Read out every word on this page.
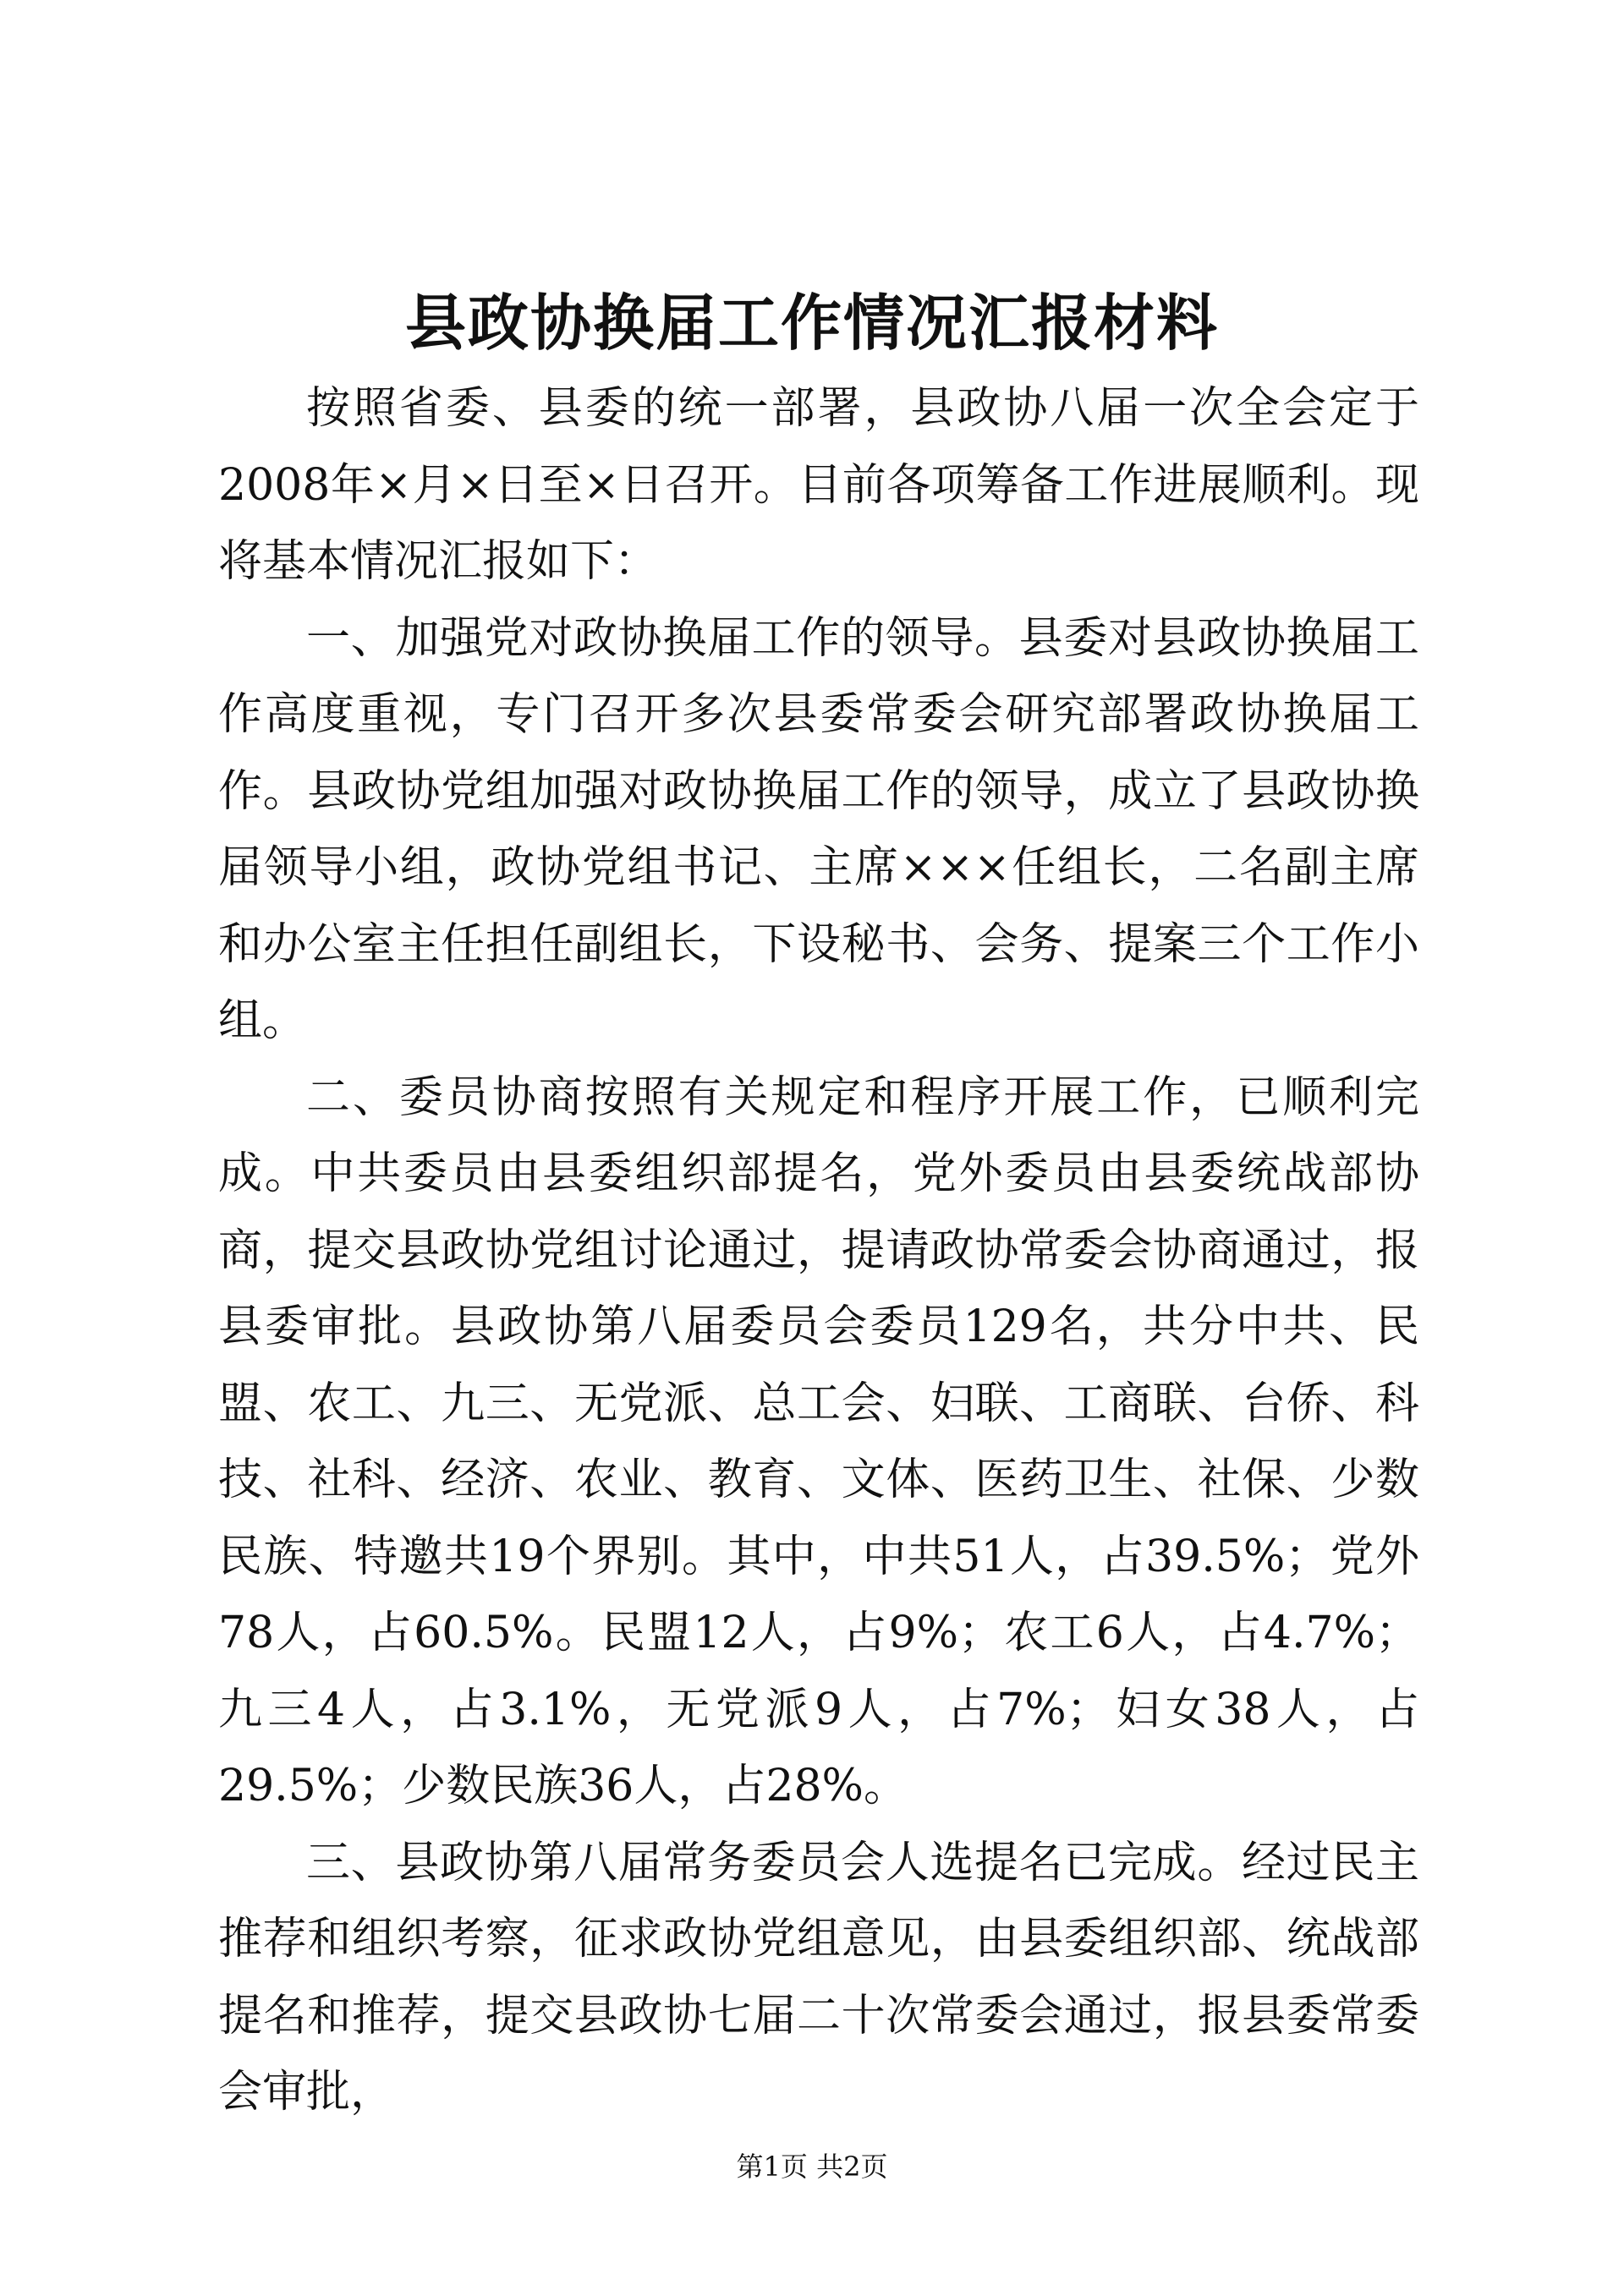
县政协换届工作情况汇报材料

按照省委、县委的统一部署，县政协八届一次全会定于2008年×月×日至×日召开。目前各项筹备工作进展顺利。现将基本情况汇报如下：

一、加强党对政协换届工作的领导。县委对县政协换届工作高度重视，专门召开多次县委常委会研究部署政协换届工作。县政协党组加强对政协换届工作的领导，成立了县政协换届领导小组，政协党组书记、主席×××任组长，二名副主席和办公室主任担任副组长，下设秘书、会务、提案三个工作小组。

二、委员协商按照有关规定和程序开展工作，已顺利完成。中共委员由县委组织部提名，党外委员由县委统战部协商，提交县政协党组讨论通过，提请政协常委会协商通过，报县委审批。县政协第八届委员会委员129名，共分中共、民盟、农工、九三、无党派、总工会、妇联、工商联、台侨、科技、社科、经济、农业、教育、文体、医药卫生、社保、少数民族、特邀共19个界别。其中，中共51人，占39.5%；党外78人，占60.5%。民盟12人，占9%；农工6人，占4.7%；九三4人，占3.1%，无党派9人，占7%；妇女38人，占29.5%；少数民族36人，占28%。

三、县政协第八届常务委员会人选提名已完成。经过民主推荐和组织考察，征求政协党组意见，由县委组织部、统战部提名和推荐，提交县政协七届二十次常委会通过，报县委常委会审批，

第1页 共2页
